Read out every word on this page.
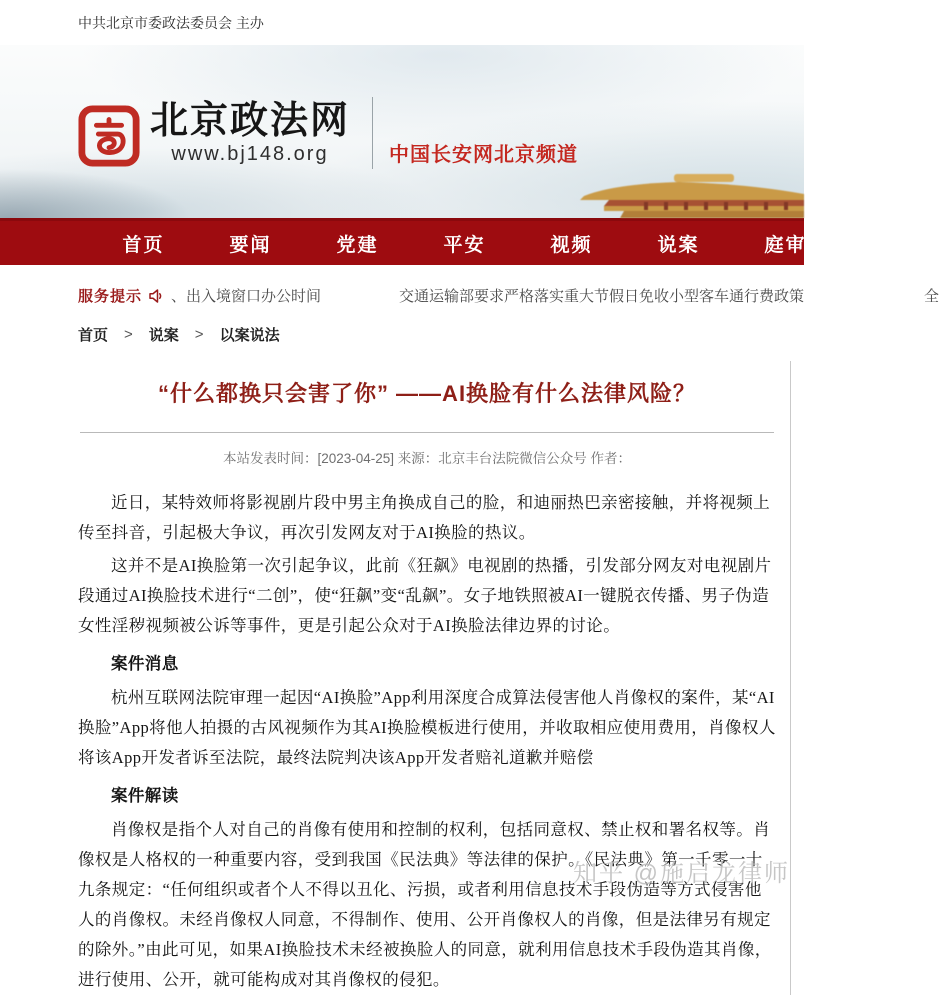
中共北京市委政法委员会 主办
北京政法网
www.bj148.org	中国长安网北京频道
首页	要闻	党建	平安	视频	说案	庭审
服务提示 、出入境窗口办公时间	交通运输部要求严格落实重大节假日免收小型客车通行费政策	全
首页 > 说案 > 以案说法
“什么都换只会害了你” ——AI换脸有什么法律风险？
本站发表时间：[2023-04-25] 来源：北京丰台法院微信公众号 作者：

近日，某特效师将影视剧片段中男主角换成自己的脸，和迪丽热巴亲密接触，并将视频上传至抖音，引起极大争议，再次引发网友对于AI换脸的热议。

这并不是AI换脸第一次引起争议，此前《狂飙》电视剧的热播，引发部分网友对电视剧片段通过AI换脸技术进行“二创”，使“狂飙”变“乱飙”。女子地铁照被AI一键脱衣传播、男子伪造女性淫秽视频被公诉等事件，更是引起公众对于AI换脸法律边界的讨论。

案件消息

杭州互联网法院审理一起因“AI换脸”App利用深度合成算法侵害他人肖像权的案件，某“AI换脸”App将他人拍摄的古风视频作为其AI换脸模板进行使用，并收取相应使用费用，肖像权人将该App开发者诉至法院，最终法院判决该App开发者赔礼道歉并赔偿

案件解读

肖像权是指个人对自己的肖像有使用和控制的权利，包括同意权、禁止权和署名权等。肖像权是人格权的一种重要内容，受到我国《民法典》等法律的保护。《民法典》第一千零一十九条规定：“任何组织或者个人不得以丑化、污损，或者利用信息技术手段伪造等方式侵害他人的肖像权。未经肖像权人同意，不得制作、使用、公开肖像权人的肖像，但是法律另有规定的除外。”由此可见，如果AI换脸技术未经被换脸人的同意，就利用信息技术手段伪造其肖像，进行使用、公开，就可能构成对其肖像权的侵犯。

知乎 @施启龙律师
